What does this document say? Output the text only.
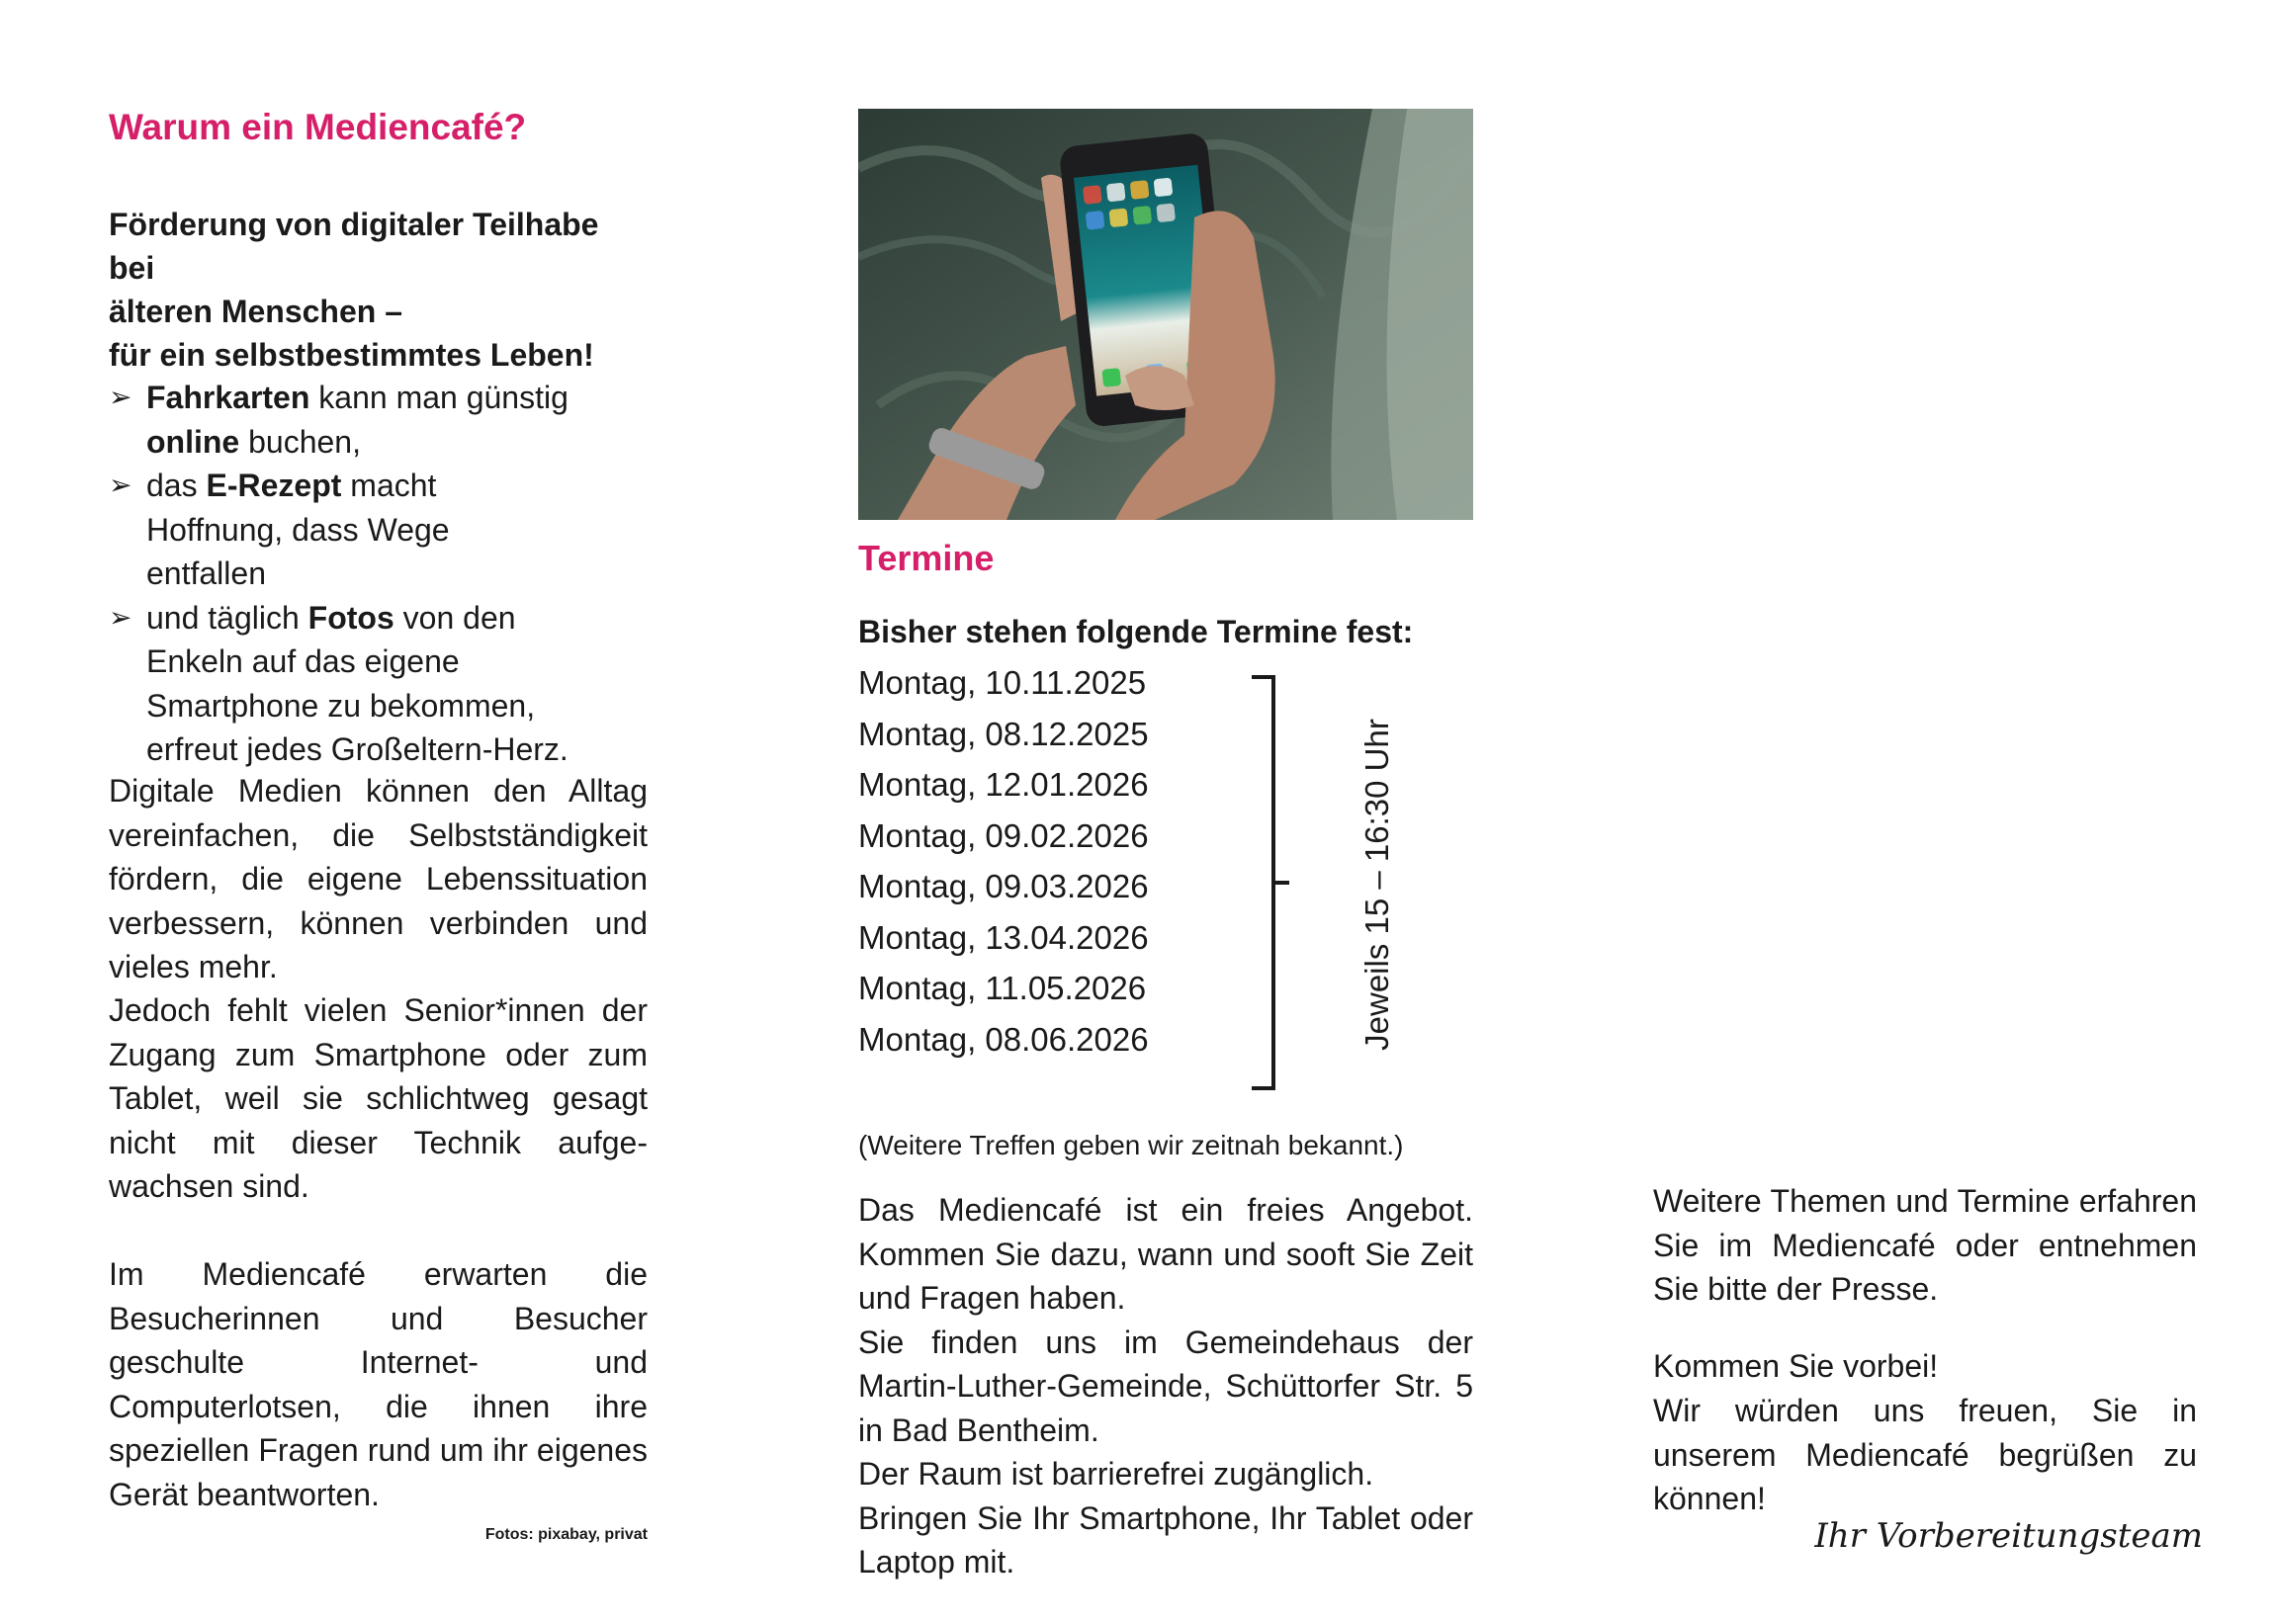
Warum ein Mediencafé?

Förderung von digitaler Teilhabe bei

älteren Menschen –

für ein selbstbestimmtes Leben!

➢ Fahrkarten kann man günstig
online buchen,
➢ das E-Rezept macht Hoffnung, dass Wege entfallen
➢ und täglich Fotos von den Enkeln auf das eigene Smartphone zu bekommen, erfreut jedes Großeltern-Herz.

Digitale Medien können den Alltag vereinfachen, die Selbstständigkeit fördern, die eigene Lebenssituation verbessern, können verbinden und vieles mehr.

Jedoch fehlt vielen Senior*innen der Zugang zum Smartphone oder zum Tablet, weil sie schlichtweg gesagt nicht mit dieser Technik aufge-wachsen sind.

Im Mediencafé erwarten die Besucherinnen und Besucher geschulte Internet- und Computerlotsen, die ihnen ihre speziellen Fragen rund um ihr eigenes Gerät beantworten.

Fotos: pixabay, privat
Termine
Bisher stehen folgende Termine fest:
Montag, 10.11.2025
Montag, 08.12.2025
Montag, 12.01.2026
Montag, 09.02.2026
Montag, 09.03.2026
Montag, 13.04.2026
Montag, 11.05.2026
Montag, 08.06.2026	Jeweils 15 – 16:30 Uhr
(Weitere Treffen geben wir zeitnah bekannt.)

Das Mediencafé ist ein freies Angebot. Kommen Sie dazu, wann und sooft Sie Zeit und Fragen haben.

Sie finden uns im Gemeindehaus der Martin-Luther-Gemeinde, Schüttorfer Str. 5 in Bad Bentheim.

Der Raum ist barrierefrei zugänglich.

Bringen Sie Ihr Smartphone, Ihr Tablet oder Laptop mit.

Weitere Themen und Termine erfahren Sie im Mediencafé oder entnehmen Sie bitte der Presse.

Kommen Sie vorbei!

Wir würden uns freuen, Sie in unserem Mediencafé begrüßen zu können!

Ihr Vorbereitungsteam
